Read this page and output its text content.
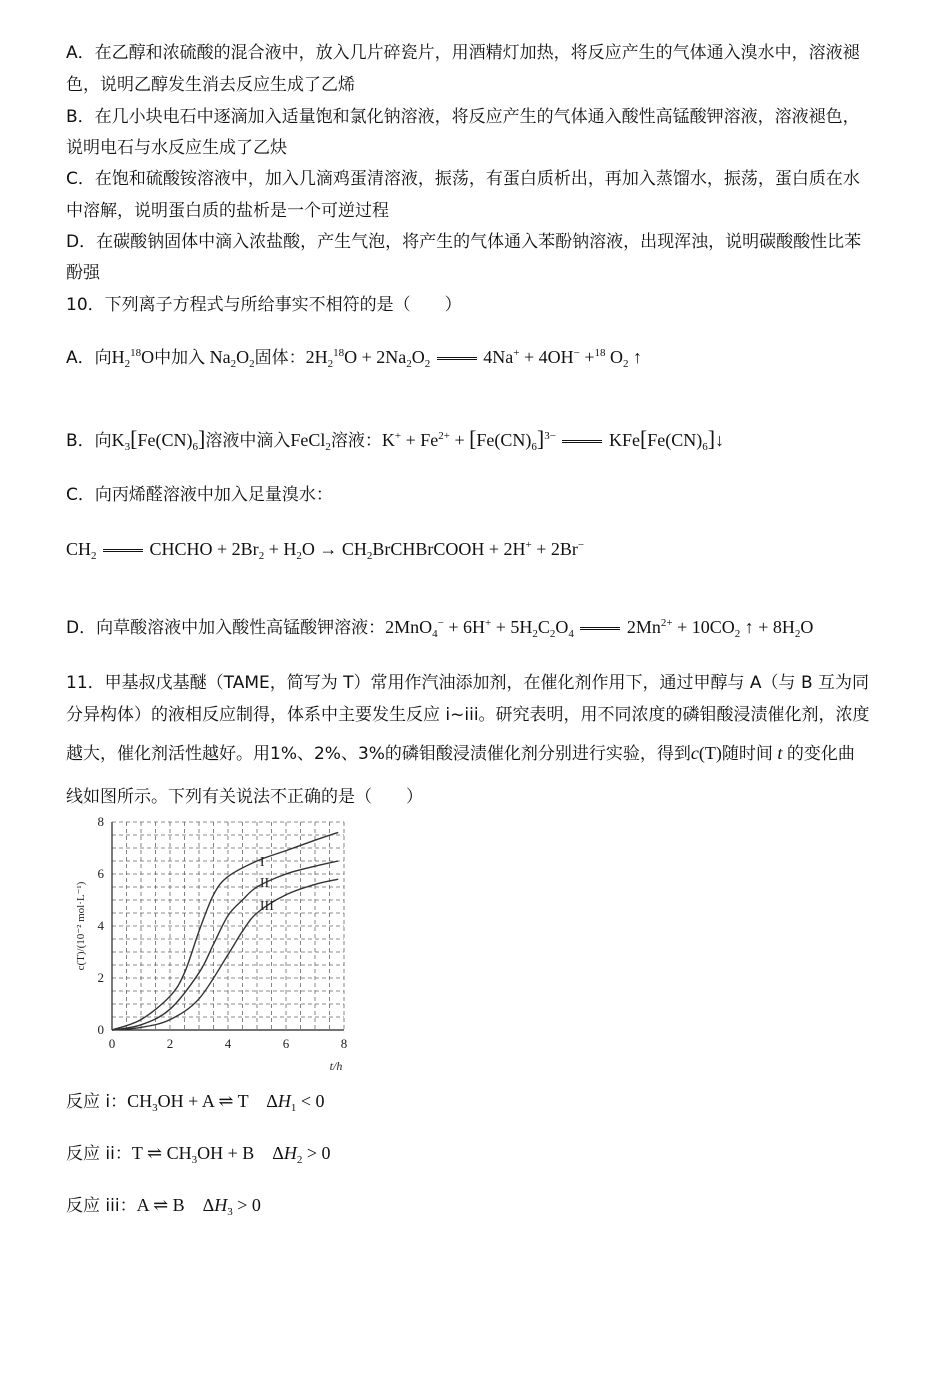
A．在乙醇和浓硫酸的混合液中，放入几片碎瓷片，用酒精灯加热，将反应产生的气体通入溴水中，溶液褪
色，说明乙醇发生消去反应生成了乙烯
B．在几小块电石中逐滴加入适量饱和氯化钠溶液，将反应产生的气体通入酸性高锰酸钾溶液，溶液褪色，
说明电石与水反应生成了乙炔
C．在饱和硫酸铵溶液中，加入几滴鸡蛋清溶液，振荡，有蛋白质析出，再加入蒸馏水，振荡，蛋白质在水
中溶解，说明蛋白质的盐析是一个可逆过程
D．在碳酸钠固体中滴入浓盐酸，产生气泡，将产生的气体通入苯酚钠溶液，出现浑浊，说明碳酸酸性比苯
酚强
10．下列离子方程式与所给事实不相符的是（　　）
A．向$H_2^{18}O$中加入 $Na_2O_2$固体：$2H_2^{18}O + 2Na_2O_2$	4Na+ + 4OH− +$^{18}$ $O_2$ ↑
B．向$K_3[Fe(CN)_6]$溶液中滴入FeCl$_2$溶液：$K^+ + Fe^{2+} + [Fe(CN)_6]^{3-}$	$KFe[Fe(CN)_6]↓$
C．向丙烯醛溶液中加入足量溴水：
$CH_2$	CHCHO + $2Br_2 + H_2O$ → $CH_2BrCHBrCOOH + 2H^+ + 2Br^-$
D．向草酸溶液中加入酸性高锰酸钾溶液：$2MnO_4^- + 6H^+ + 5H_2C_2O_4$	$2Mn^{2+} + 10CO_2$ ↑ + $8H_2O$
11．甲基叔戊基醚（TAME，简写为 T）常用作汽油添加剂，在催化剂作用下，通过甲醇与 A（与 B 互为同
分异构体）的液相反应制得，体系中主要发生反应 i~iii。研究表明，用不同浓度的磷钼酸浸渍催化剂，浓度
越大，催化剂活性越好。用1%、2%、3%的磷钼酸浸渍催化剂分别进行实验，得到c(T)随时间 t 的变化曲
线如图所示。下列有关说法不正确的是（　　）
0	2	4	6	8
0
2
4
6
8
t/h
c(T)/(10⁻² mol·L⁻¹)
I
II
III
反应 i：$CH_3OH + A$ ⇌ T    $\Delta H_1 < 0$
反应 ii：T ⇌ $CH_3OH + B$    $\Delta H_2 > 0$
反应 iii：A ⇌ B    $\Delta H_3 > 0$
